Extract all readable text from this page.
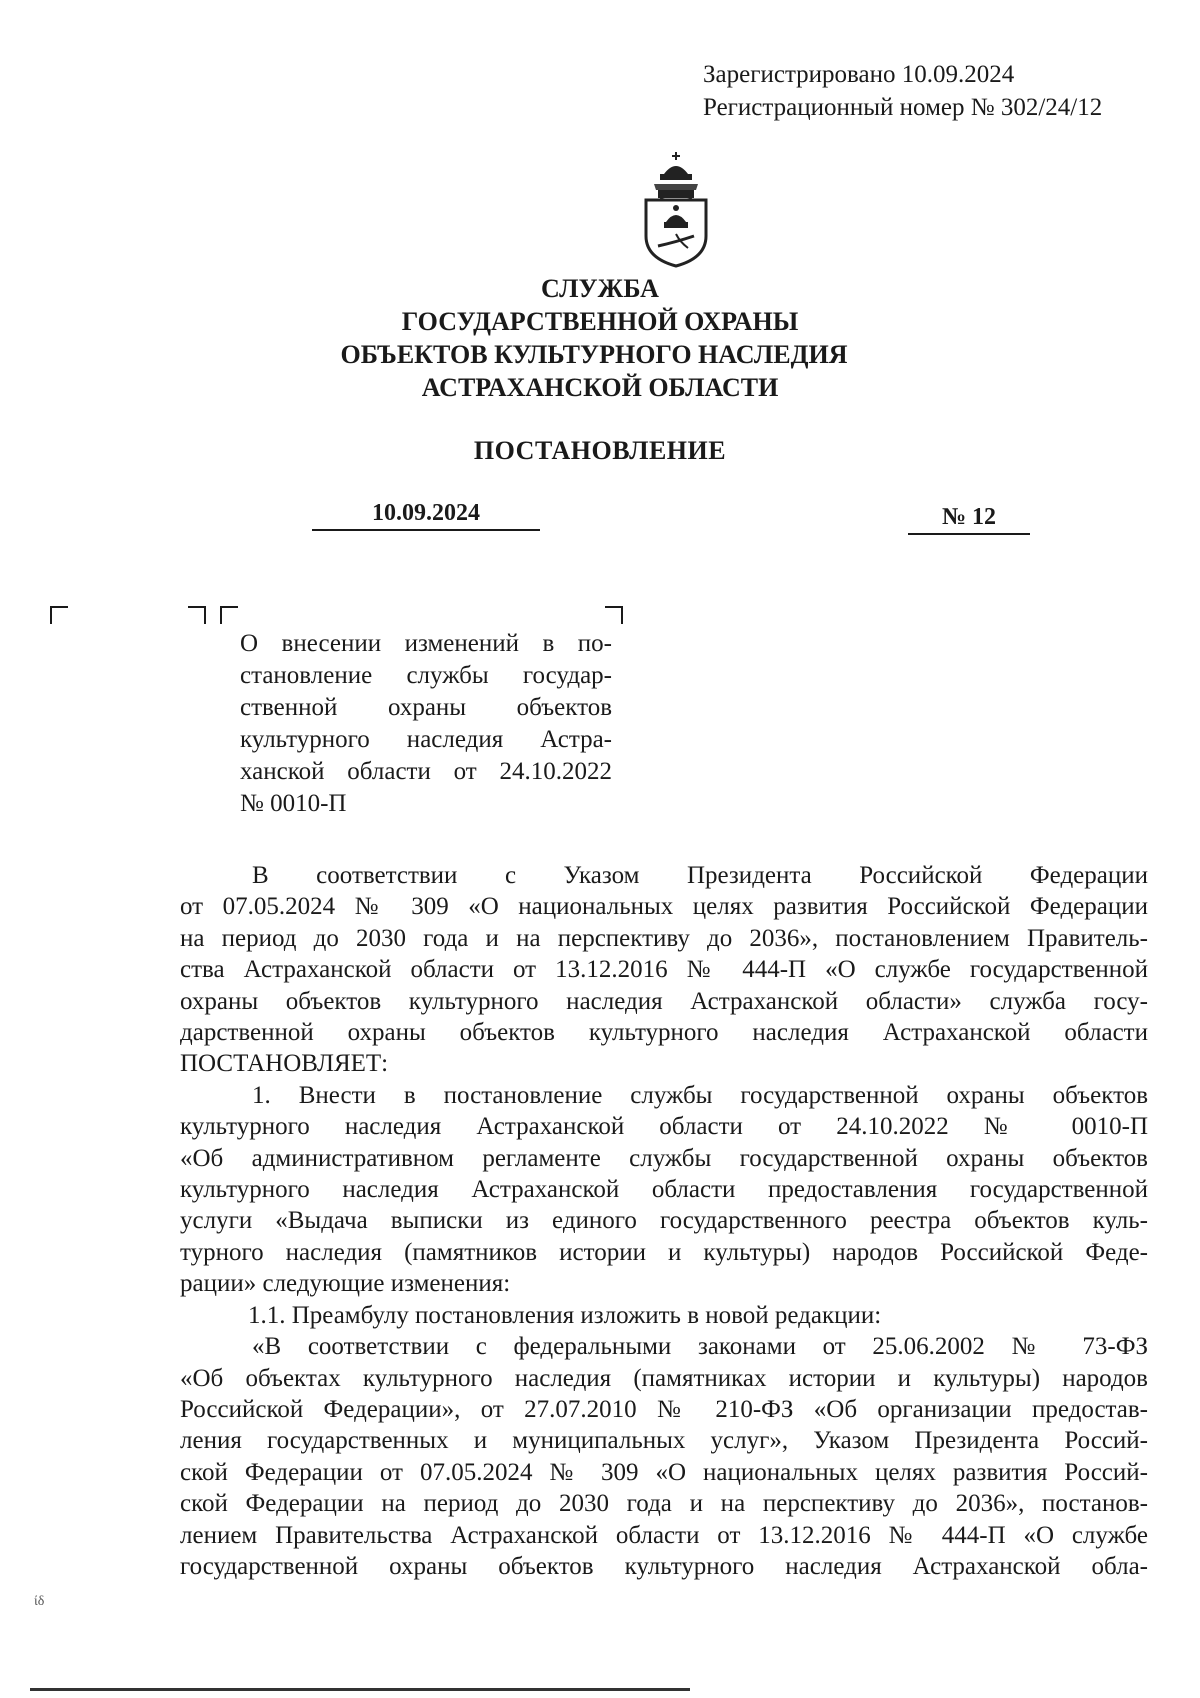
Зарегистрировано 10.09.2024
Регистрационный номер № 302/24/12
СЛУЖБА
ГОСУДАРСТВЕННОЙ ОХРАНЫ
ОБЪЕКТОВ КУЛЬТУРНОГО НАСЛЕДИЯ
АСТРАХАНСКОЙ ОБЛАСТИ
ПОСТАНОВЛЕНИЕ
10.09.2024	№ 12
О внесении изменений в по-
становление службы государ-
ственной охраны объектов
культурного наследия Астра-
ханской области от 24.10.2022
№ 0010-П
В соответствии с Указом Президента Российской Федерации
от 07.05.2024 № 309 «О национальных целях развития Российской Федерации
на период до 2030 года и на перспективу до 2036», постановлением Правитель-
ства Астраханской области от 13.12.2016 № 444-П «О службе государственной
охраны объектов культурного наследия Астраханской области» служба госу-
дарственной охраны объектов культурного наследия Астраханской области
ПОСТАНОВЛЯЕТ:
1. Внести в постановление службы государственной охраны объектов
культурного наследия Астраханской области от 24.10.2022 № 0010-П
«Об административном регламенте службы государственной охраны объектов
культурного наследия Астраханской области предоставления государственной
услуги «Выдача выписки из единого государственного реестра объектов куль-
турного наследия (памятников истории и культуры) народов Российской Феде-
рации» следующие изменения:
1.1. Преамбулу постановления изложить в новой редакции:
«В соответствии с федеральными законами от 25.06.2002 № 73-ФЗ
«Об объектах культурного наследия (памятниках истории и культуры) народов
Российской Федерации», от 27.07.2010 № 210-ФЗ «Об организации предостав-
ления государственных и муниципальных услуг», Указом Президента Россий-
ской Федерации от 07.05.2024 № 309 «О национальных целях развития Россий-
ской Федерации на период до 2030 года и на перспективу до 2036», постанов-
лением Правительства Астраханской области от 13.12.2016 № 444-П «О службе
государственной охраны объектов культурного наследия Астраханской обла-
ίδ
